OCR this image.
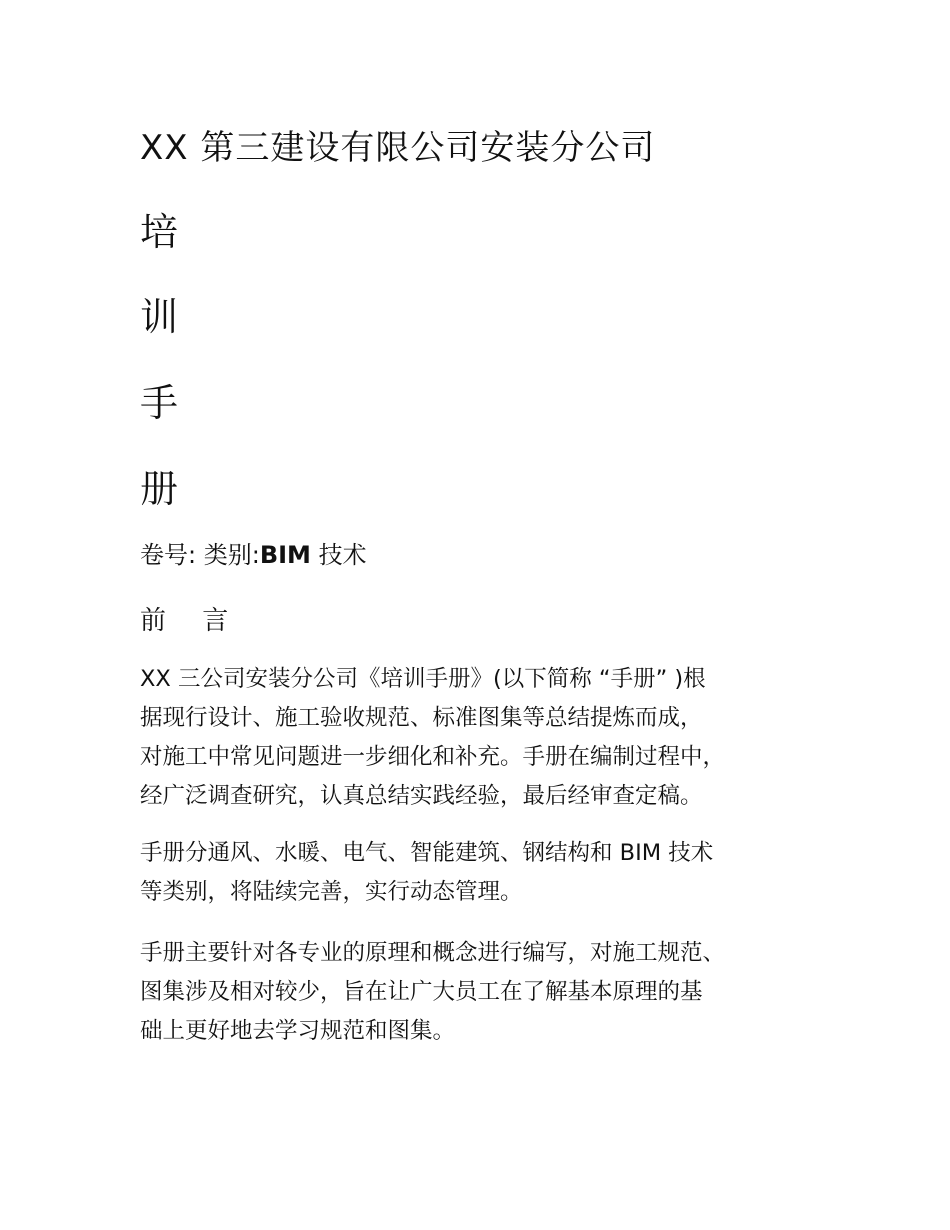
XX 第三建设有限公司安装分公司
培
训
手
册
卷号: 类别:BIM 技术
前 言

XX 三公司安装分公司《培训手册》(以下简称 “手册” )根
据现行设计、施工验收规范、标准图集等总结提炼而成，
对施工中常见问题进一步细化和补充。手册在编制过程中，
经广泛调查研究，认真总结实践经验，最后经审查定稿。

手册分通风、水暖、电气、智能建筑、钢结构和 BIM 技术
等类别，将陆续完善，实行动态管理。

手册主要针对各专业的原理和概念进行编写，对施工规范、
图集涉及相对较少，旨在让广大员工在了解基本原理的基
础上更好地去学习规范和图集。
